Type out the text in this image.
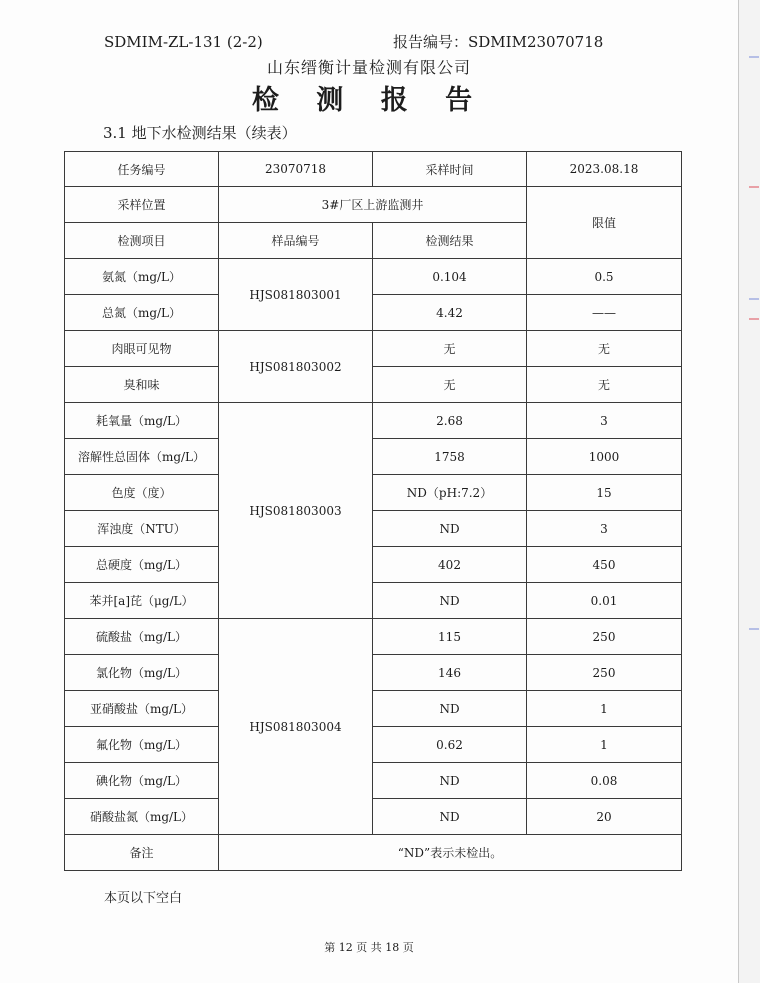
SDMIM-ZL-131 (2-2)	报告编号：SDMIM23070718
山东缙衡计量检测有限公司
检 测 报 告
3.1 地下水检测结果（续表）
任务编号	23070718	采样时间	2023.08.18
采样位置	3#厂区上游监测井		限值
检测项目	样品编号	检测结果	
氨氮（mg/L）	HJS081803001	0.104	0.5
总氮（mg/L）		4.42	——
肉眼可见物	HJS081803002	无	无
臭和味		无	无
耗氧量（mg/L）	HJS081803003	2.68	3
溶解性总固体（mg/L）		1758	1000
色度（度）		ND（pH:7.2）	15
浑浊度（NTU）		ND	3
总硬度（mg/L）		402	450
苯并[a]芘（μg/L）		ND	0.01
硫酸盐（mg/L）	HJS081803004	115	250
氯化物（mg/L）		146	250
亚硝酸盐（mg/L）		ND	1
氟化物（mg/L）		0.62	1
碘化物（mg/L）		ND	0.08
硝酸盐氮（mg/L）		ND	20
备注	“ND”表示未检出。		
本页以下空白
第 12 页 共 18 页
